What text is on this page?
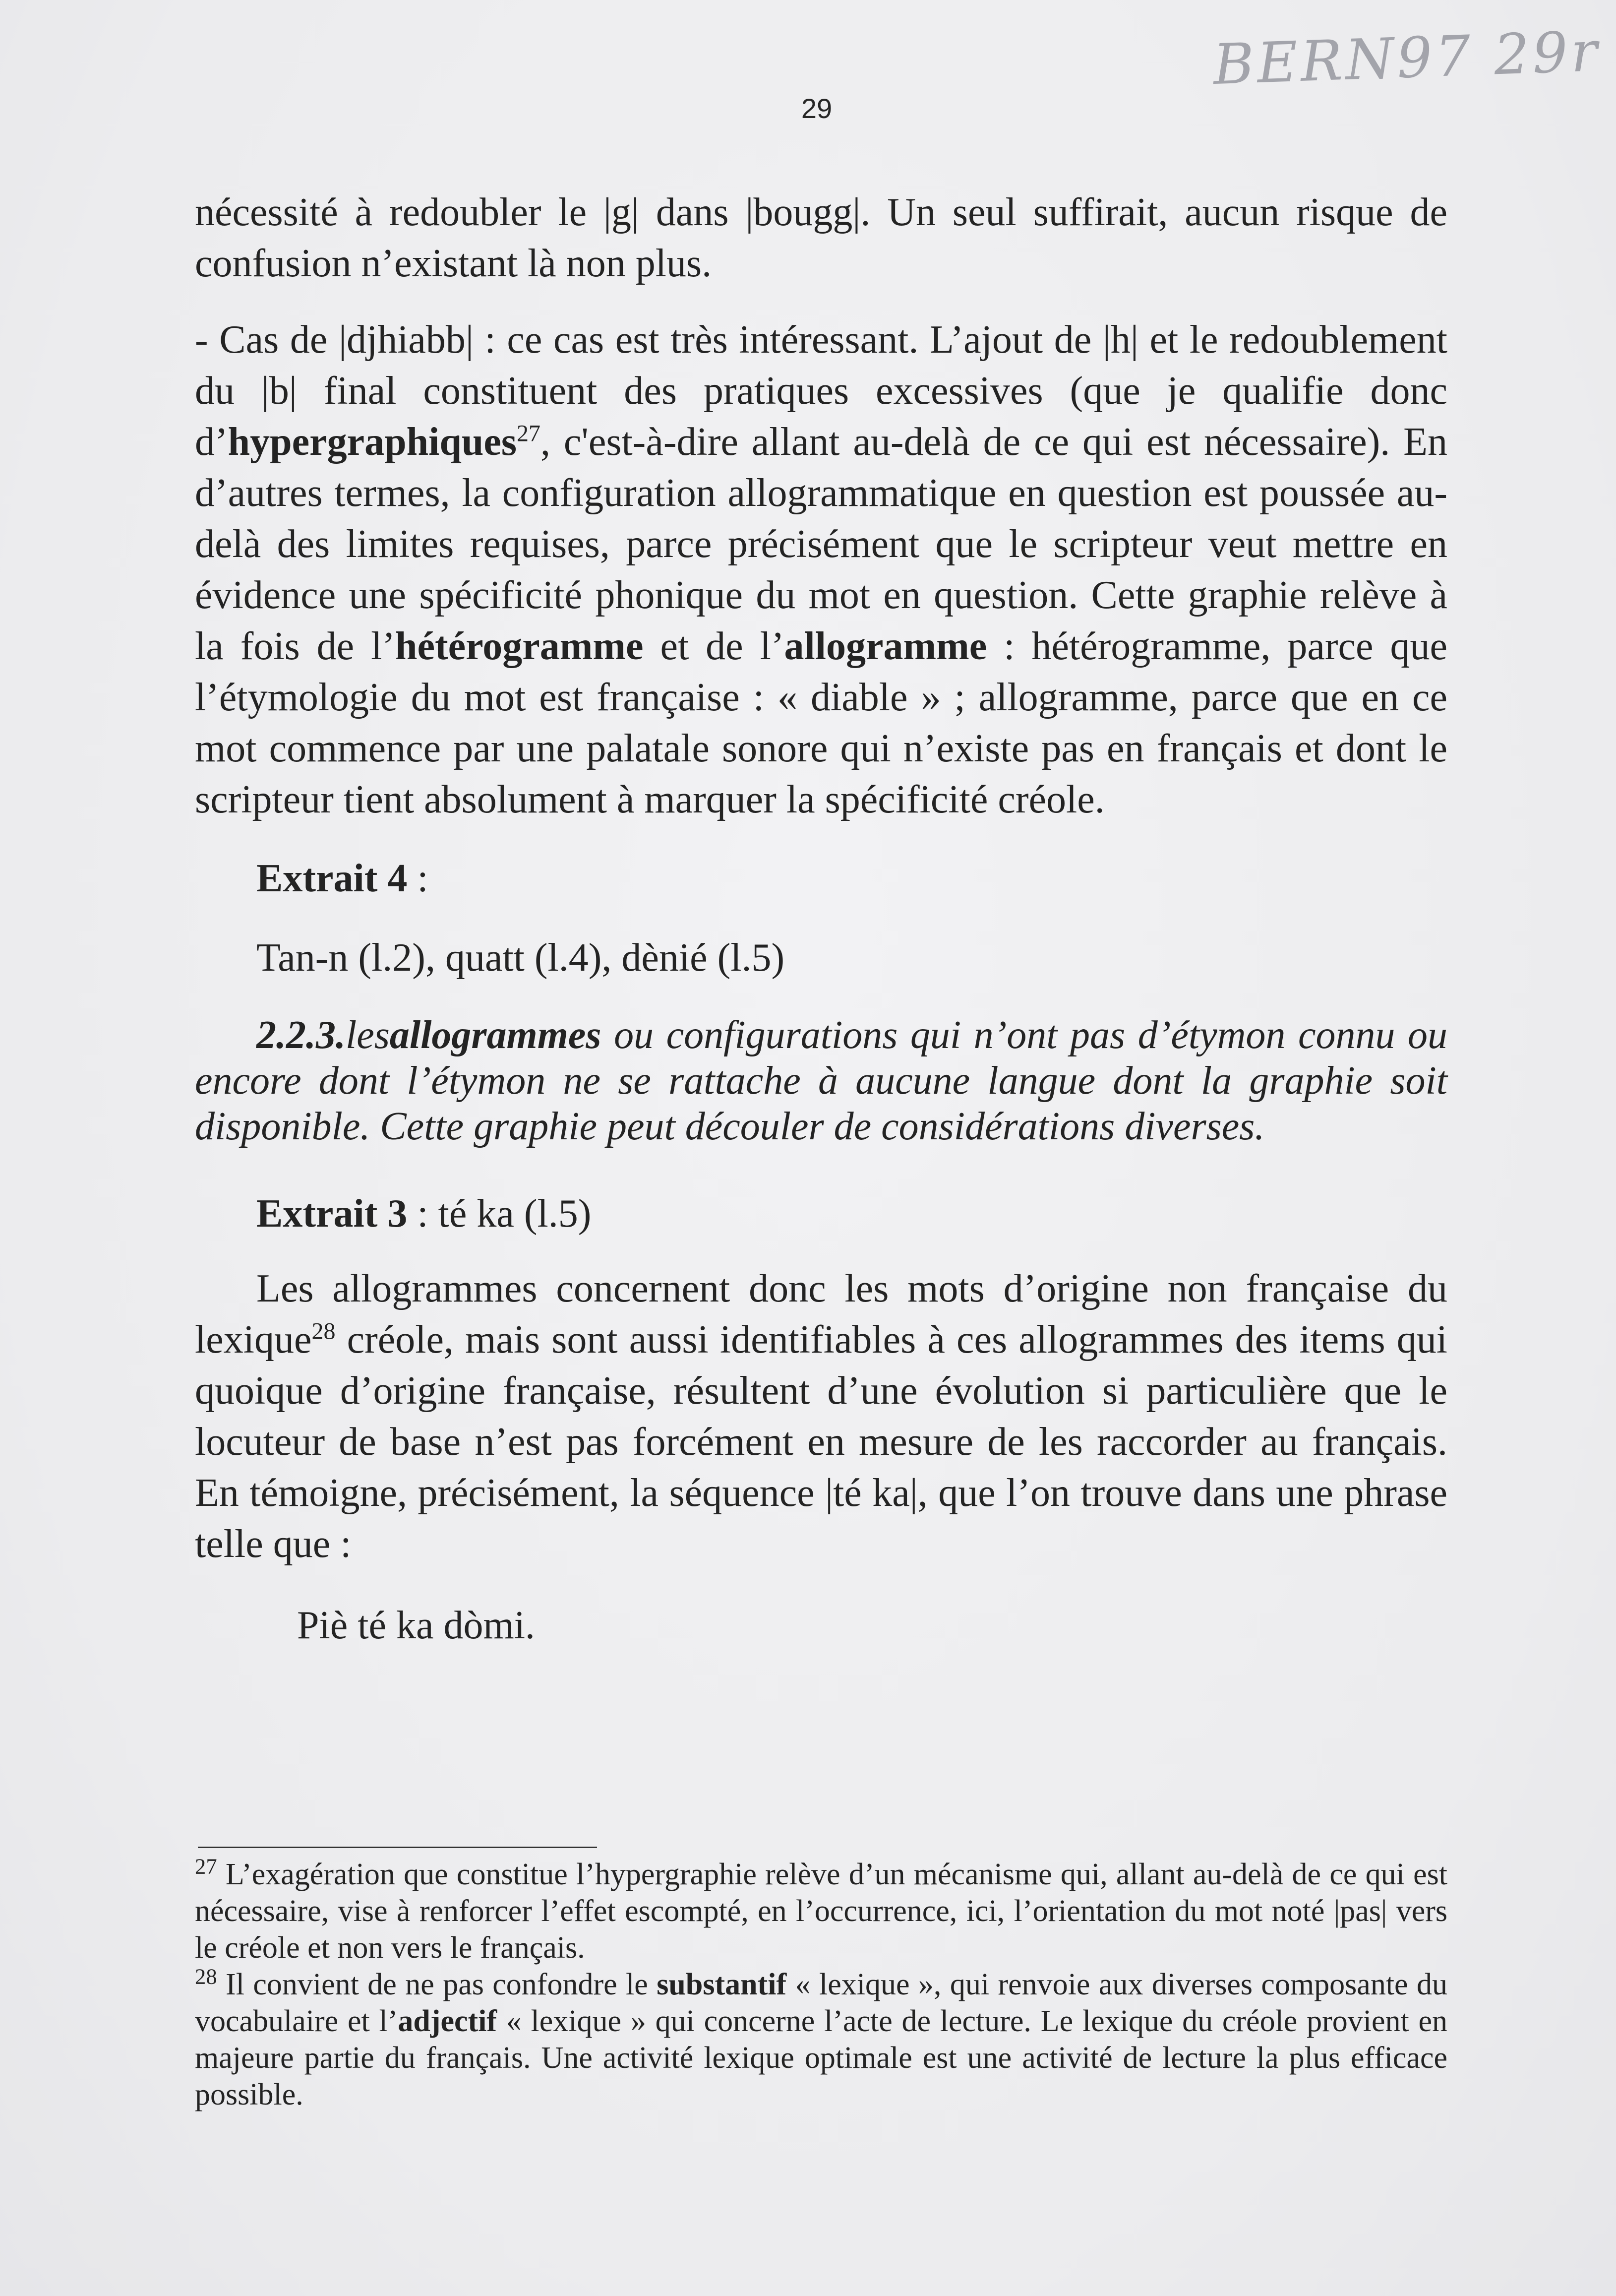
BERN97 29r
29

nécessité à redoubler le |g| dans |bougg|. Un seul suffirait, aucun risque de confusion n’existant là non plus.

- Cas de |djhiabb| : ce cas est très intéressant. L’ajout de |h| et le redoublement du |b| final constituent des pratiques excessives (que je qualifie donc d’hypergraphiques$^{27}$, c'est-à-dire allant au-delà de ce qui est nécessaire). En d’autres termes, la configuration allogrammatique en question est poussée au-delà des limites requises, parce précisément que le scripteur veut mettre en évidence une spécificité phonique du mot en question. Cette graphie relève à la fois de l’hétérogramme et de l’allogramme : hétérogramme, parce que l’étymologie du mot est française : « diable » ; allogramme, parce que en ce mot commence par une palatale sonore qui n’existe pas en français et dont le scripteur tient absolument à marquer la spécificité créole.

Extrait 4 :

Tan-n (l.2), quatt (l.4), dènié (l.5)

2.2.3.lesallogrammes ou configurations qui n’ont pas d’étymon connu ou encore dont l’étymon ne se rattache à aucune langue dont la graphie soit disponible. Cette graphie peut découler de considérations diverses.

Extrait 3 : té ka (l.5)

Les allogrammes concernent donc les mots d’origine non française du lexique$^{28}$ créole, mais sont aussi identifiables à ces allogrammes des items qui quoique d’origine française, résultent d’une évolution si particulière que le locuteur de base n’est pas forcément en mesure de les raccorder au français. En témoigne, précisément, la séquence |té ka|, que l’on trouve dans une phrase telle que :

Piè té ka dòmi.

$^{27}$ L’exagération que constitue l’hypergraphie relève d’un mécanisme qui, allant au-delà de ce qui est nécessaire, vise à renforcer l’effet escompté, en l’occurrence, ici, l’orientation du mot noté |pas| vers le créole et non vers le français.

$^{28}$ Il convient de ne pas confondre le substantif « lexique », qui renvoie aux diverses composante du vocabulaire et l’adjectif « lexique » qui concerne l’acte de lecture. Le lexique du créole provient en majeure partie du français. Une activité lexique optimale est une activité de lecture la plus efficace possible.
